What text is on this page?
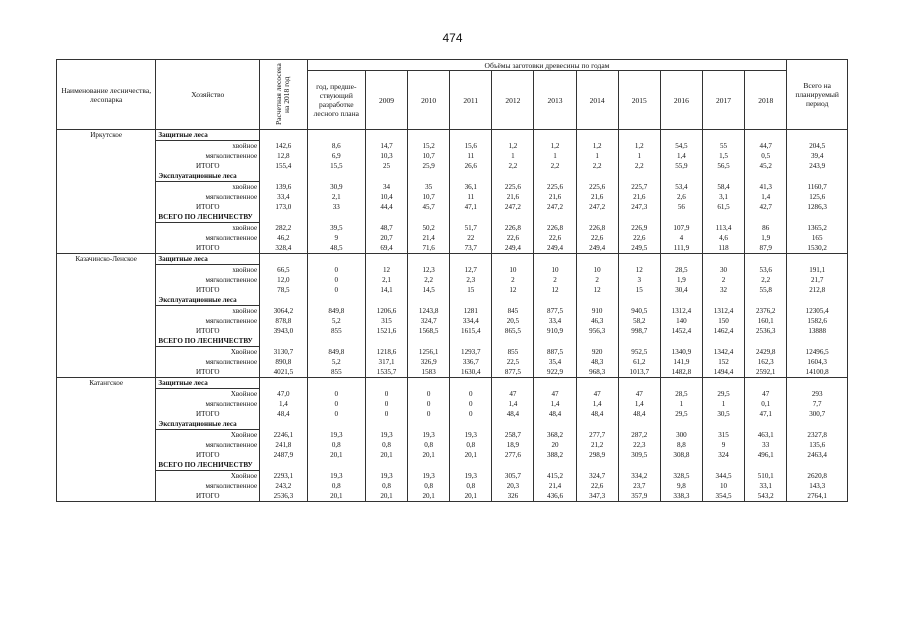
474
Наименование лесничества, лесопарка	Хозяйство	Расчетная лесосека на 2018 год	Объёмы заготовки древесины по годам											Всего на планируемый период
			год, предше-ствующий разработке лесного плана	2009	2010	2011	2012	2013	2014	2015	2016	2017	2018	
Иркутское	Защитные леса													
	хвойное	142,6	8,6	14,7	15,2	15,6	1,2	1,2	1,2	1,2	54,5	55	44,7	204,5
	мягколиственное	12,8	6,9	10,3	10,7	11	1	1	1	1	1,4	1,5	0,5	39,4
	ИТОГО	155,4	15,5	25	25,9	26,6	2,2	2,2	2,2	2,2	55,9	56,5	45,2	243,9
	Эксплуатационные леса													
	хвойное	139,6	30,9	34	35	36,1	225,6	225,6	225,6	225,7	53,4	58,4	41,3	1160,7
	мягколиственное	33,4	2,1	10,4	10,7	11	21,6	21,6	21,6	21,6	2,6	3,1	1,4	125,6
	ИТОГО	173,0	33	44,4	45,7	47,1	247,2	247,2	247,2	247,3	56	61,5	42,7	1286,3
	ВСЕГО ПО ЛЕСНИЧЕСТВУ													
	хвойное	282,2	39,5	48,7	50,2	51,7	226,8	226,8	226,8	226,9	107,9	113,4	86	1365,2
	мягколиственное	46,2	9	20,7	21,4	22	22,6	22,6	22,6	22,6	4	4,6	1,9	165
	ИТОГО	328,4	48,5	69,4	71,6	73,7	249,4	249,4	249,4	249,5	111,9	118	87,9	1530,2
Казачинско-Ленское	Защитные леса													
	хвойное	66,5	0	12	12,3	12,7	10	10	10	12	28,5	30	53,6	191,1
	мягколиственное	12,0	0	2,1	2,2	2,3	2	2	2	3	1,9	2	2,2	21,7
	ИТОГО	78,5	0	14,1	14,5	15	12	12	12	15	30,4	32	55,8	212,8
	Эксплуатационные леса													
	хвойное	3064,2	849,8	1206,6	1243,8	1281	845	877,5	910	940,5	1312,4	1312,4	2376,2	12305,4
	мягколиственное	878,8	5,2	315	324,7	334,4	20,5	33,4	46,3	58,2	140	150	160,1	1582,6
	ИТОГО	3943,0	855	1521,6	1568,5	1615,4	865,5	910,9	956,3	998,7	1452,4	1462,4	2536,3	13888
	ВСЕГО ПО ЛЕСНИЧЕСТВУ													
	Хвойное	3130,7	849,8	1218,6	1256,1	1293,7	855	887,5	920	952,5	1340,9	1342,4	2429,8	12496,5
	мягколиственное	890,8	5,2	317,1	326,9	336,7	22,5	35,4	48,3	61,2	141,9	152	162,3	1604,3
	ИТОГО	4021,5	855	1535,7	1583	1630,4	877,5	922,9	968,3	1013,7	1482,8	1494,4	2592,1	14100,8
Катангское	Защитные леса													
	Хвойное	47,0	0	0	0	0	47	47	47	47	28,5	29,5	47	293
	мягколиственное	1,4	0	0	0	0	1,4	1,4	1,4	1,4	1	1	0,1	7,7
	ИТОГО	48,4	0	0	0	0	48,4	48,4	48,4	48,4	29,5	30,5	47,1	300,7
	Эксплуатационные леса													
	Хвойное	2246,1	19,3	19,3	19,3	19,3	258,7	368,2	277,7	287,2	300	315	463,1	2327,8
	мягколиственное	241,8	0,8	0,8	0,8	0,8	18,9	20	21,2	22,3	8,8	9	33	135,6
	ИТОГО	2487,9	20,1	20,1	20,1	20,1	277,6	388,2	298,9	309,5	308,8	324	496,1	2463,4
	ВСЕГО ПО ЛЕСНИЧЕСТВУ													
	Хвойное	2293,1	19,3	19,3	19,3	19,3	305,7	415,2	324,7	334,2	328,5	344,5	510,1	2620,8
	мягколиственное	243,2	0,8	0,8	0,8	0,8	20,3	21,4	22,6	23,7	9,8	10	33,1	143,3
	ИТОГО	2536,3	20,1	20,1	20,1	20,1	326	436,6	347,3	357,9	338,3	354,5	543,2	2764,1
